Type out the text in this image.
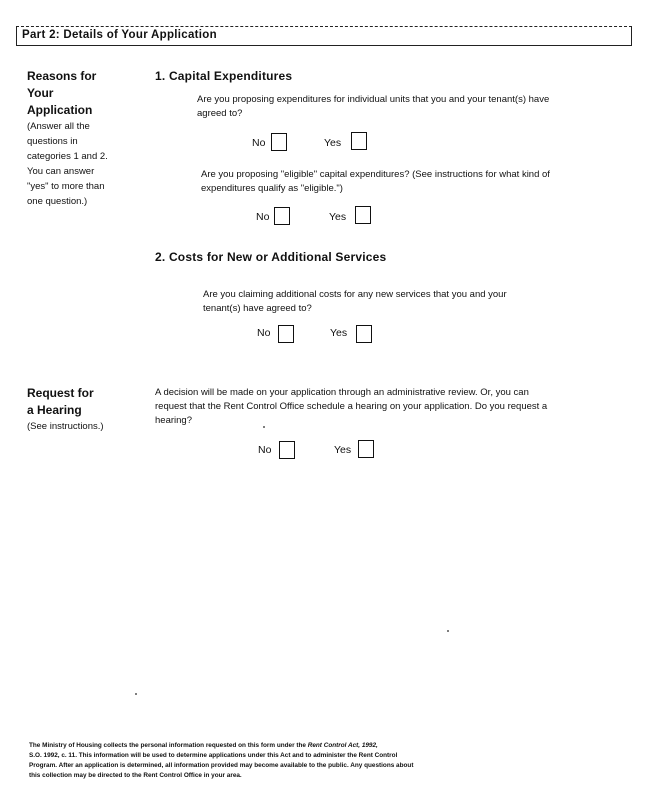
Part 2: Details of Your Application
Reasons for
Your
Application
(Answer all the
questions in
categories 1 and 2.
You can answer
"yes" to more than
one question.)
1. Capital Expenditures
Are you proposing expenditures for individual units that you and your tenant(s) have
agreed to?
No	Yes
Are you proposing "eligible" capital expenditures? (See instructions for what kind of
expenditures qualify as "eligible.")
No	Yes
2. Costs for New or Additional Services
Are you claiming additional costs for any new services that you and your
tenant(s) have agreed to?
No	Yes
Request for
a Hearing
(See instructions.)
A decision will be made on your application through an administrative review. Or, you can
request that the Rent Control Office schedule a hearing on your application. Do you request a
hearing?
No	Yes
The Ministry of Housing collects the personal information requested on this form under the Rent Control Act, 1992,
S.O. 1992, c. 11. This information will be used to determine applications under this Act and to administer the Rent Control
Program. After an application is determined, all information provided may become available to the public. Any questions about
this collection may be directed to the Rent Control Office in your area.
